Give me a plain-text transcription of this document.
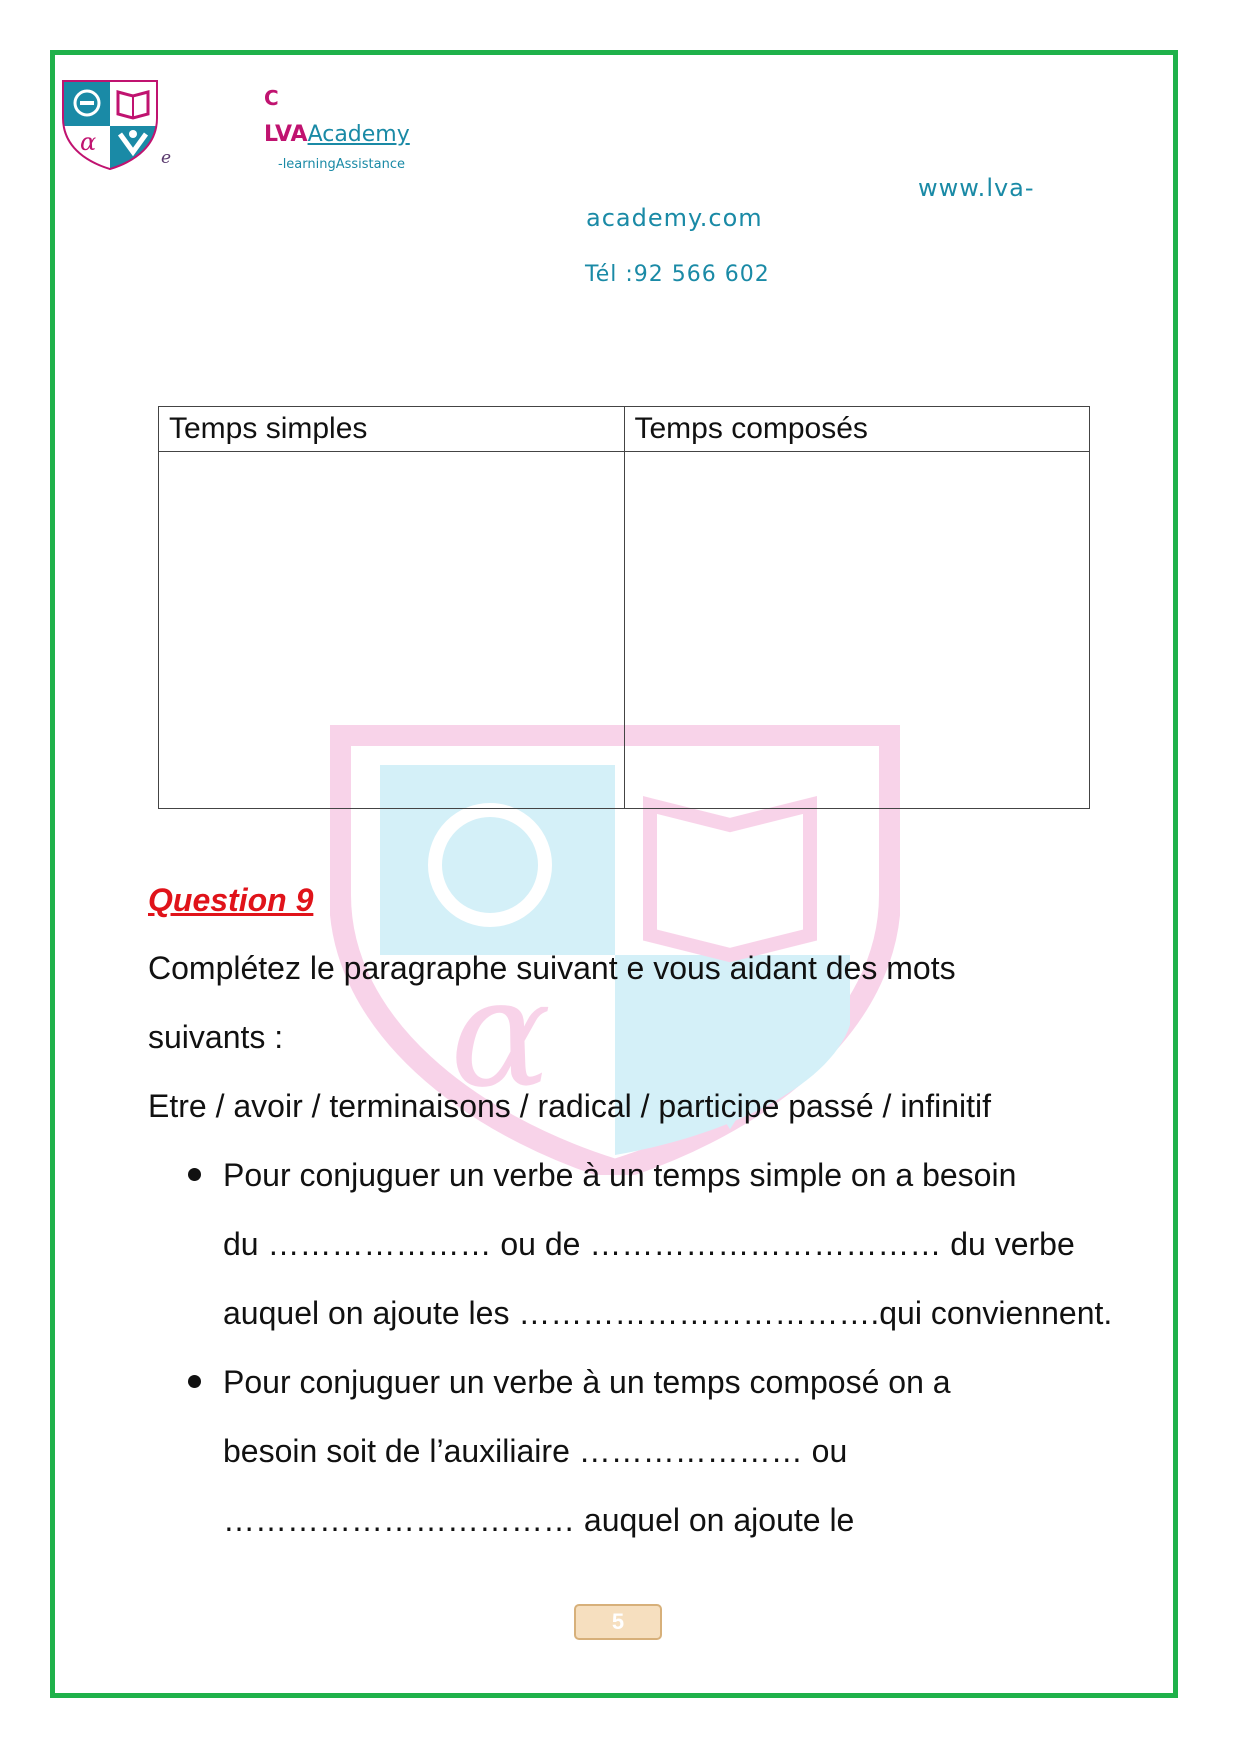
α
e
C
LVAAcademy
-learningAssistance
www.lva-
academy.com
Tél :92 566 602
α
Temps simples	Temps composés

Question 9
Complétez le paragraphe suivant e vous aidant des mots
suivants :
Etre / avoir / terminaisons / radical / participe passé / infinitif
Pour conjuguer un verbe à un temps simple on a besoin
du ………………… ou de …………………………… du verbe
auquel on ajoute les …………………………….qui conviennent.
Pour conjuguer un verbe à un temps composé on a
besoin soit de l’auxiliaire ………………… ou
…………………………… auquel on ajoute le
5
